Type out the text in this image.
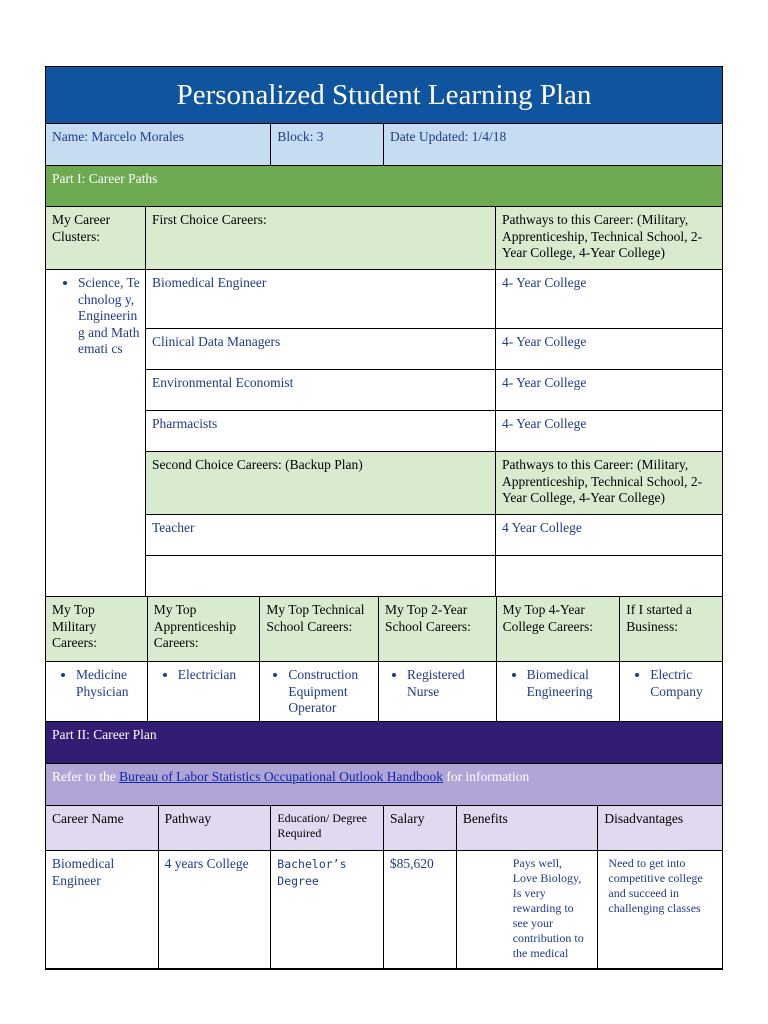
Personalized Student Learning Plan
Name: Marcelo Morales	Block: 3	Date Updated: 1/4/18
Part I: Career Paths
My Career Clusters:
• Science, Technolog y, Engineerin g and Mathemati cs
First Choice Careers:	Pathways to this Career: (Military, Apprenticeship, Technical School, 2-Year College, 4-Year College)
Biomedical Engineer	4- Year College
Clinical Data Managers	4- Year College
Environmental Economist	4- Year College
Pharmacists	4- Year College
Second Choice Careers: (Backup Plan)	Pathways to this Career: (Military, Apprenticeship, Technical School, 2-Year College, 4-Year College)
Teacher	4 Year College
My Top Military Careers:
My Top Apprenticeship Careers:
My Top Technical School Careers:
My Top 2-Year School Careers:
My Top 4-Year College Careers:
If I started a Business:
• Medicine Physician
• Electrician
•	Construction Equipment Operator
• Registered Nurse
• Biomedical Engineering
• Electric Company
Part II: Career Plan
Refer to the Bureau of Labor Statistics Occupational Outlook Handbook for information
Career Name	Pathway	Education/ Degree Required
Salary	Benefits	Disadvantages
Biomedical Engineer
4 years College	Bachelor’s Degree
$85,620	Pays well, Love Biology, Is very rewarding to see your contribution to the medical
Need to get into competitive college and succeed in challenging classes
